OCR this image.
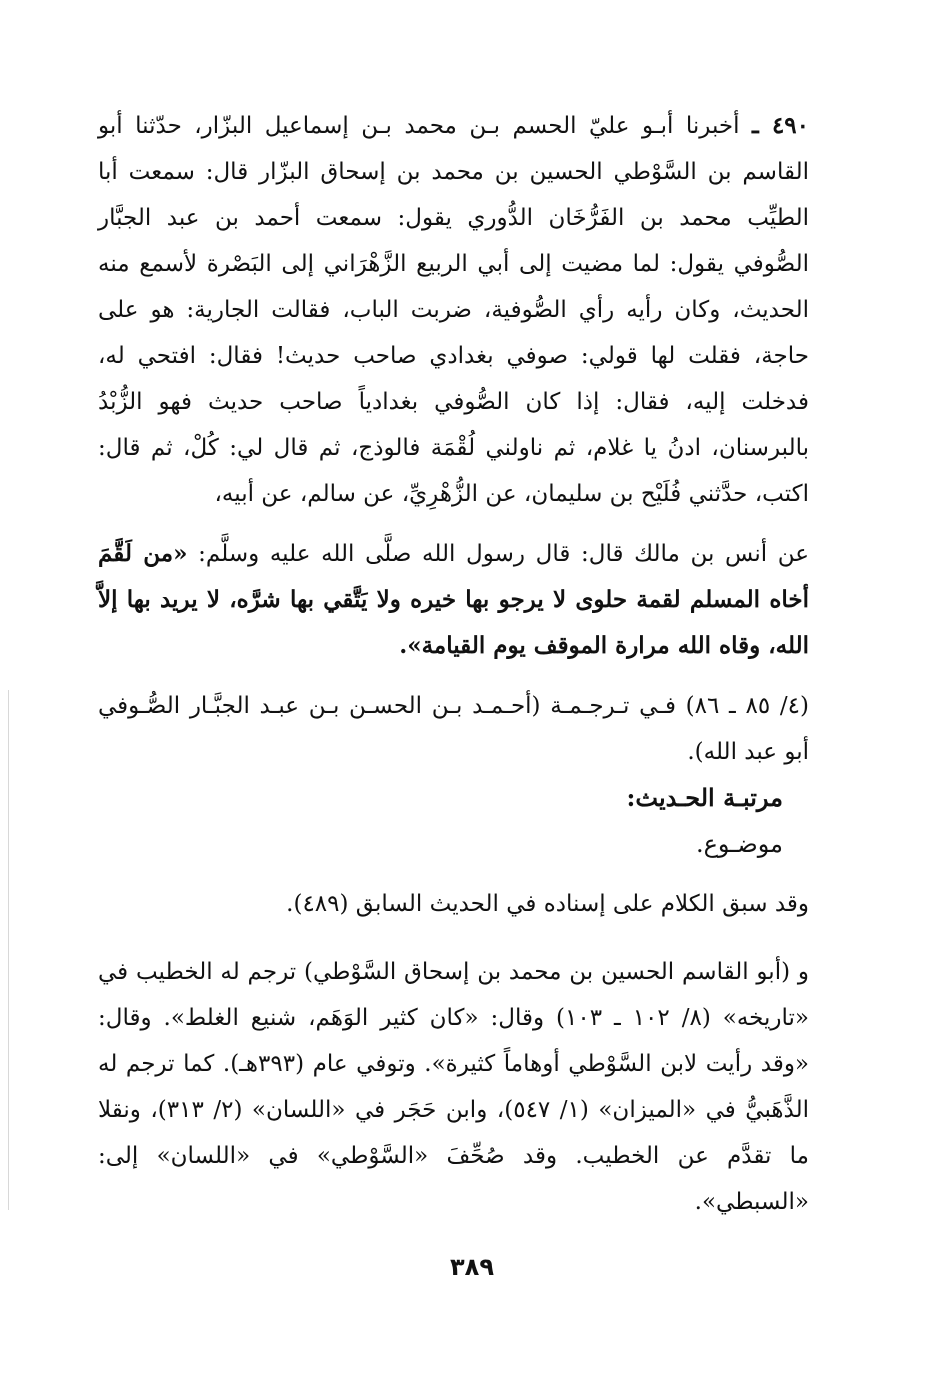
٤٩٠ ـ أخبرنا أبـو عليّ الحسم بـن محمد بـن إسماعيل البزّار، حدّثنا أبو القاسم بن السَّوْطي الحسين بن محمد بن إسحاق البزّار قال: سمعت أبا الطيِّب محمد بن الفَرُّخَان الدُّوري يقول: سمعت أحمد بن عبد الجبَّار الصُّوفي يقول: لما مضيت إلى أبي الربيع الزَّهْرَاني إلى البَصْرة لأسمع منه الحديث، وكان رأيه رأي الصُّوفية، ضربت الباب، فقالت الجارية: هو على حاجة، فقلت لها قولي: صوفي بغدادي صاحب حديث! فقال: افتحي له، فدخلت إليه، فقال: إذا كان الصُّوفي بغدادياً صاحب حديث فهو الزُّبْدُ بالبرسنان، ادنُ يا غلام، ثم ناولني لُقْمَة فالوذج، ثم قال لي: كُلْ، ثم قال: اكتب، حدَّثني فُلَيْح بن سليمان، عن الزُّهْرِيِّ، عن سالم، عن أبيه،

عن أنس بن مالك قال: قال رسول الله صلَّى الله عليه وسلَّم: «من لَقَّمَ أخاه المسلم لقمة حلوى لا يرجو بها خيره ولا يَتَّقي بها شرَّه، لا يريد بها إلاَّ الله، وقاه الله مرارة الموقف يوم القيامة».

(٤/ ٨٥ ـ ٨٦) فـي تـرجـمـة (أحـمـد بـن الحسـن بـن عبـد الجبَّـار الصُّـوفي أبو عبد الله).

مرتبـة الحـديث:

موضـوع.

وقد سبق الكلام على إسناده في الحديث السابق (٤٨٩).

و (أبو القاسم الحسين بن محمد بن إسحاق السَّوْطي) ترجم له الخطيب في «تاريخه» (٨/ ١٠٢ ـ ١٠٣) وقال: «كان كثير الوَهَم، شنيع الغلط». وقال: «وقد رأيت لابن السَّوْطي أوهاماً كثيرة». وتوفي عام (٣٩٣هـ). كما ترجم له الذَّهَبيُّ في «الميزان» (١/ ٥٤٧)، وابن حَجَر في «اللسان» (٢/ ٣١٣)، ونقلا ما تقدَّم عن الخطيب. وقد صُحِّفَ «السَّوْطي» في «اللسان» إلى: «السبطي».

٣٨٩
